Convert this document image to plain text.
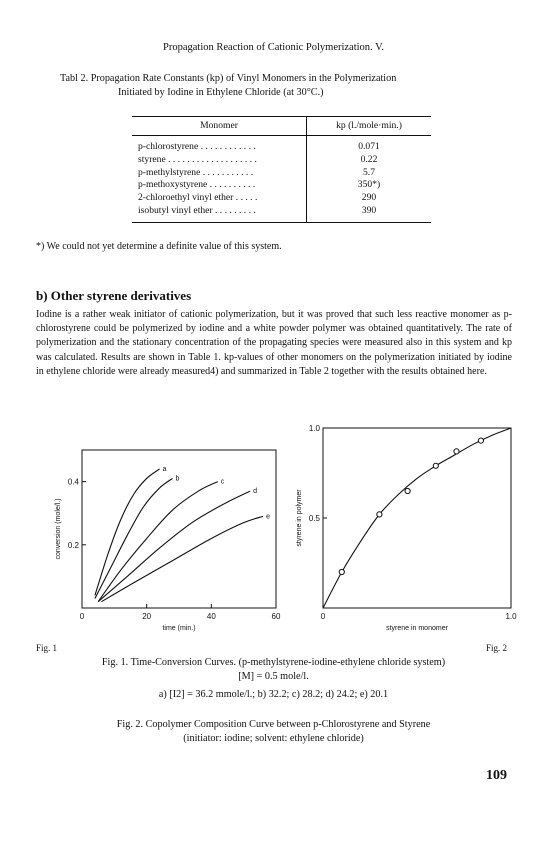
Propagation Reaction of Cationic Polymerization. V.
Tabl 2. Propagation Rate Constants (kp) of Vinyl Monomers in the Polymerization
Initiated by Iodine in Ethylene Chloride (at 30°C.)
Monomer	kp (l./mole·min.)
p-chlorostyrene . . . . . . . . . . . .	0.071
styrene . . . . . . . . . . . . . . . . . . .	0.22
p-methylstyrene . . . . . . . . . . .	5.7
p-methoxystyrene . . . . . . . . . .	350*)
2-chloroethyl vinyl ether . . . . .	290
isobutyl vinyl ether . . . . . . . . .	390
*) We could not yet determine a definite value of this system.
b) Other styrene derivatives
Iodine is a rather weak initiator of cationic polymerization, but it was proved that such less reactive monomer as p-chlorostyrene could be polymerized by iodine and a white powder polymer was obtained quantitatively. The rate of polymerization and the stationary concentration of the propagating species were measured also in this system and kp was calculated. Results are shown in Table 1. kp-values of other monomers on the polymerization initiated by iodine in ethylene chloride were already measured4) and summarized in Table 2 together with the results obtained here.
0	20	40	60
0.2
0.4
time (min.)
conversion (mole/l.)
a
b	c
d
e
0	1.0
0.5
1.0
styrene in monomer
styrene in polymer
Fig. 1	Fig. 2
Fig. 1. Time-Conversion Curves. (p-methylstyrene-iodine-ethylene chloride system)
[M] = 0.5 mole/l.
a) [I2] = 36.2 mmole/l.; b) 32.2; c) 28.2; d) 24.2; e) 20.1
Fig. 2. Copolymer Composition Curve between p-Chlorostyrene and Styrene
(initiator: iodine; solvent: ethylene chloride)
109
